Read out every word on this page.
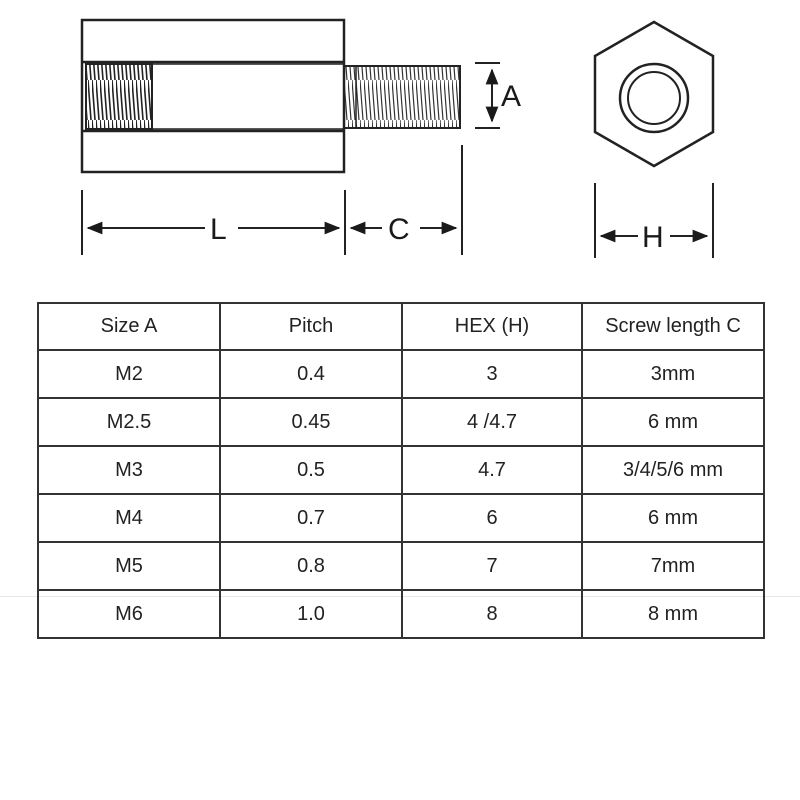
A
L	C	H
Size A	Pitch	HEX (H)	Screw length C
M2	0.4	3	3mm
M2.5	0.45	4 /4.7	6 mm
M3	0.5	4.7	3/4/5/6 mm
M4	0.7	6	6 mm
M5	0.8	7	7mm
M6	1.0	8	8 mm
